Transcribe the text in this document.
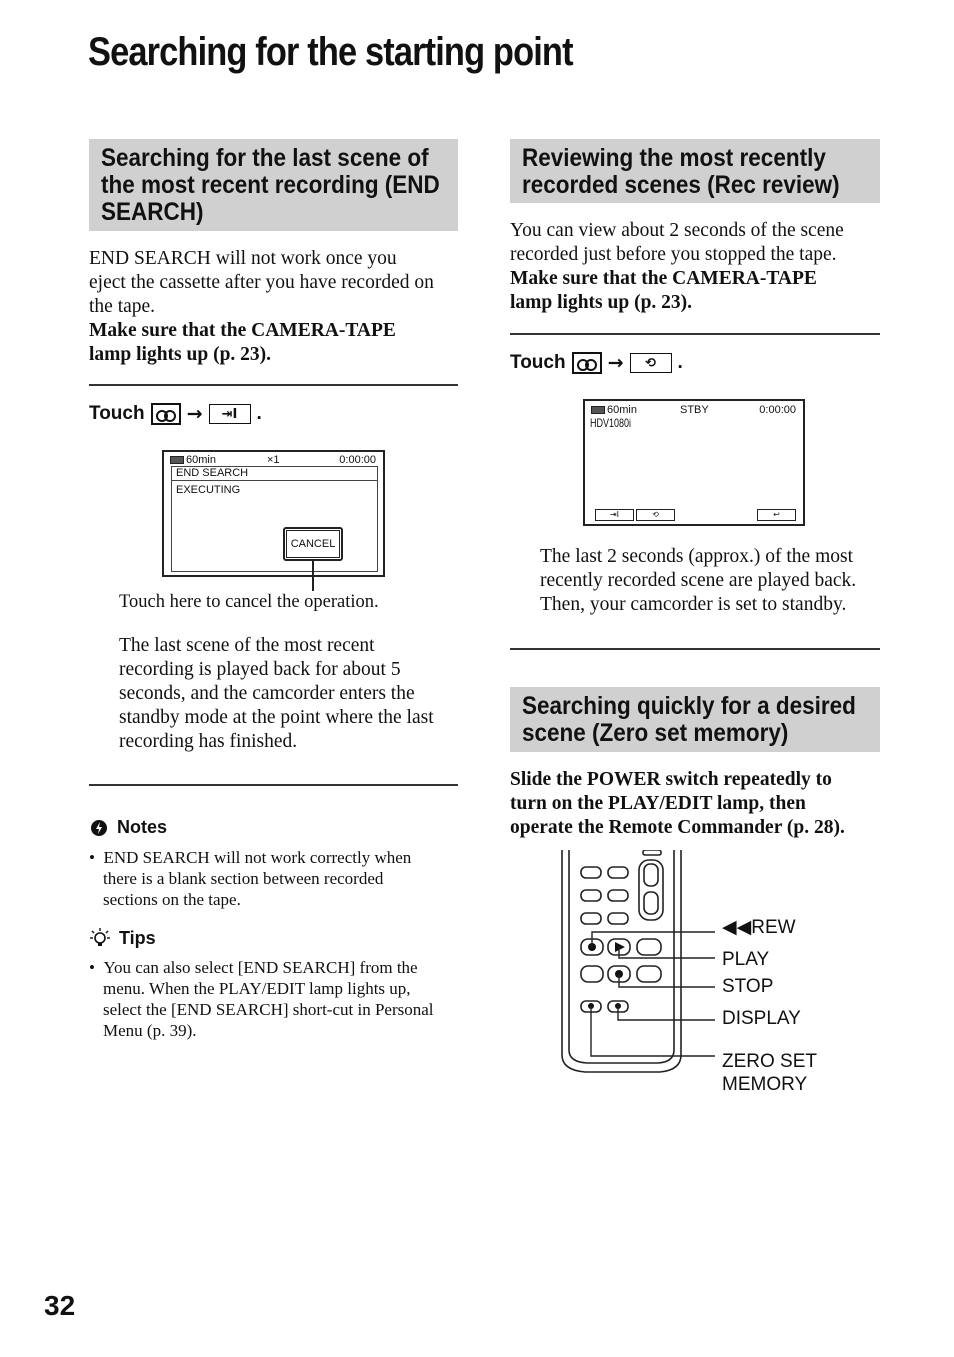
Searching for the starting point
Searching for the last scene of
the most recent recording (END
SEARCH)
END SEARCH will not work once you
eject the cassette after you have recorded on
the tape.
Make sure that the CAMERA-TAPE
lamp lights up (p. 23).
Touch →	⇥I	.
60min	×1	0:00:00
END SEARCH
EXECUTING
CANCEL
Touch here to cancel the operation.
The last scene of the most recent
recording is played back for about 5
seconds, and the camcorder enters the
standby mode at the point where the last
recording has finished.
Notes
•  END SEARCH will not work correctly when
there is a blank section between recorded
sections on the tape.
Tips
•  You can also select [END SEARCH] from the
menu. When the PLAY/EDIT lamp lights up,
select the [END SEARCH] short-cut in Personal
Menu (p. 39).
Reviewing the most recently
recorded scenes (Rec review)
You can view about 2 seconds of the scene
recorded just before you stopped the tape.
Make sure that the CAMERA-TAPE
lamp lights up (p. 23).
Touch →	⟲	.
60min	STBY	0:00:00
HDV1080i
⇥I	⟲	↩
The last 2 seconds (approx.) of the most
recently recorded scene are played back.
Then, your camcorder is set to standby.
Searching quickly for a desired
scene (Zero set memory)
Slide the POWER switch repeatedly to
turn on the PLAY/EDIT lamp, then
operate the Remote Commander (p. 28).
◀◀REW
PLAY
STOP
DISPLAY
ZERO SET
MEMORY
32
